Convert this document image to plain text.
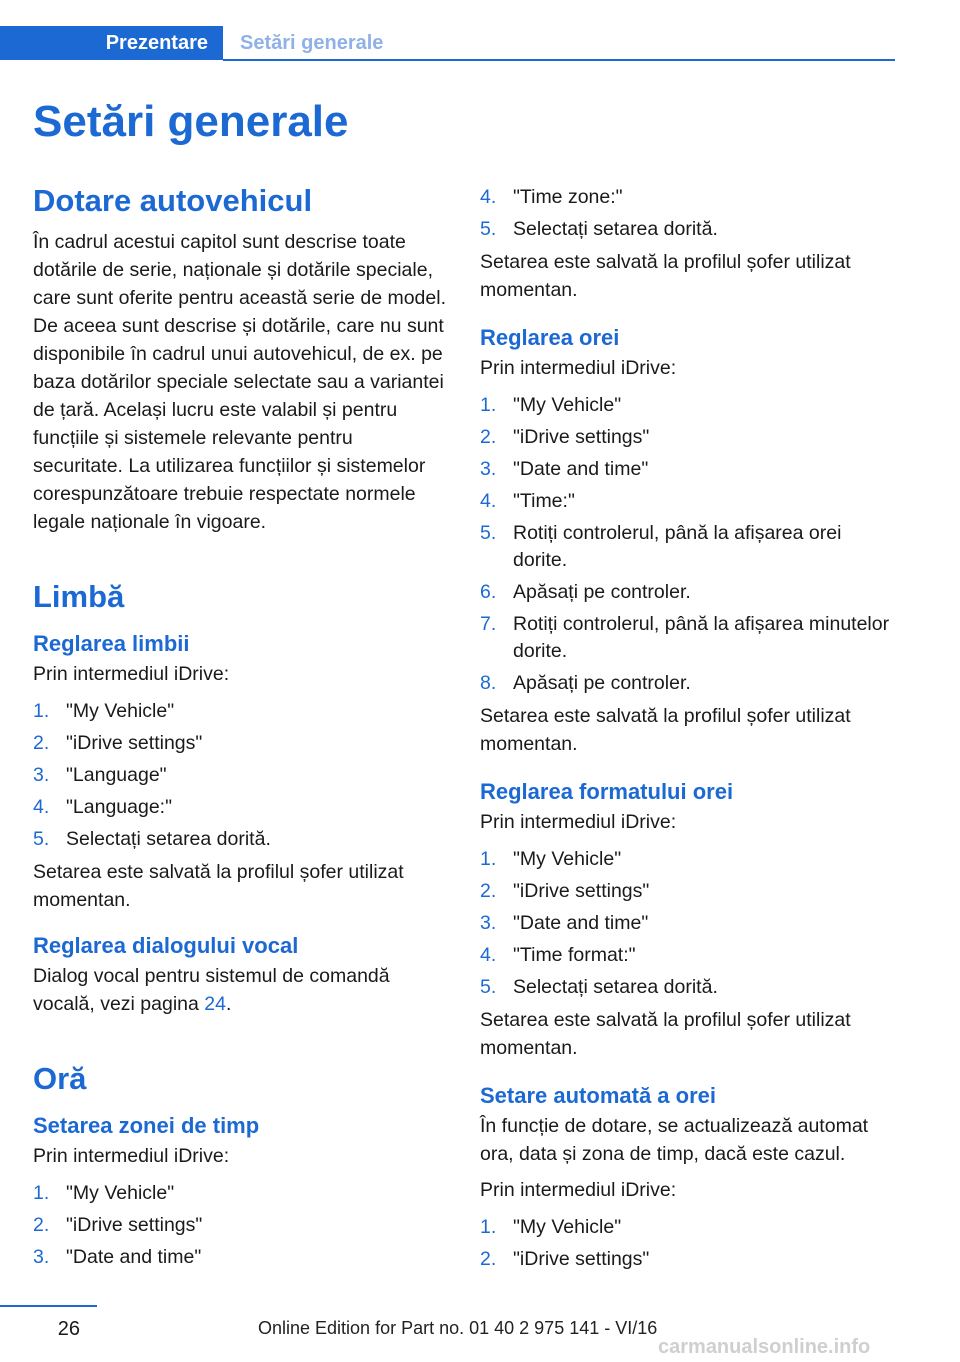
Prezentare	Setări generale
Setări generale
Dotare autovehicul

În cadrul acestui capitol sunt descrise toate dotările de serie, naționale și dotările speciale, care sunt oferite pentru această serie de model. De aceea sunt descrise și dotările, care nu sunt disponibile în cadrul unui autovehicul, de ex. pe baza dotărilor speciale selectate sau a variantei de țară. Același lucru este valabil și pentru funcțiile și sistemele relevante pentru securitate. La utilizarea funcțiilor și sistemelor corespunzătoare trebuie respectate normele legale naționale în vigoare.

Limbă
Reglarea limbii

Prin intermediul iDrive:

1. "My Vehicle"
2. "iDrive settings"
3. "Language"
4. "Language:"
5. Selectați setarea dorită.

Setarea este salvată la profilul șofer utilizat momentan.

Reglarea dialogului vocal

Dialog vocal pentru sistemul de comandă vocală, vezi pagina 24.

Oră
Setarea zonei de timp

Prin intermediul iDrive:

1. "My Vehicle"
2. "iDrive settings"
3. "Date and time"
4. "Time zone:"
5. Selectați setarea dorită.

Setarea este salvată la profilul șofer utilizat momentan.

Reglarea orei

Prin intermediul iDrive:

1. "My Vehicle"
2. "iDrive settings"
3. "Date and time"
4. "Time:"
5. Rotiți controlerul, până la afișarea orei dorite.
6. Apăsați pe controler.
7. Rotiți controlerul, până la afișarea minutelor dorite.
8. Apăsați pe controler.

Setarea este salvată la profilul șofer utilizat momentan.

Reglarea formatului orei

Prin intermediul iDrive:

1. "My Vehicle"
2. "iDrive settings"
3. "Date and time"
4. "Time format:"
5. Selectați setarea dorită.

Setarea este salvată la profilul șofer utilizat momentan.

Setare automată a orei

În funcție de dotare, se actualizează automat ora, data și zona de timp, dacă este cazul.

Prin intermediul iDrive:

1. "My Vehicle"
2. "iDrive settings"
26	Online Edition for Part no. 01 40 2 975 141 - VI/16
carmanualsonline.info
